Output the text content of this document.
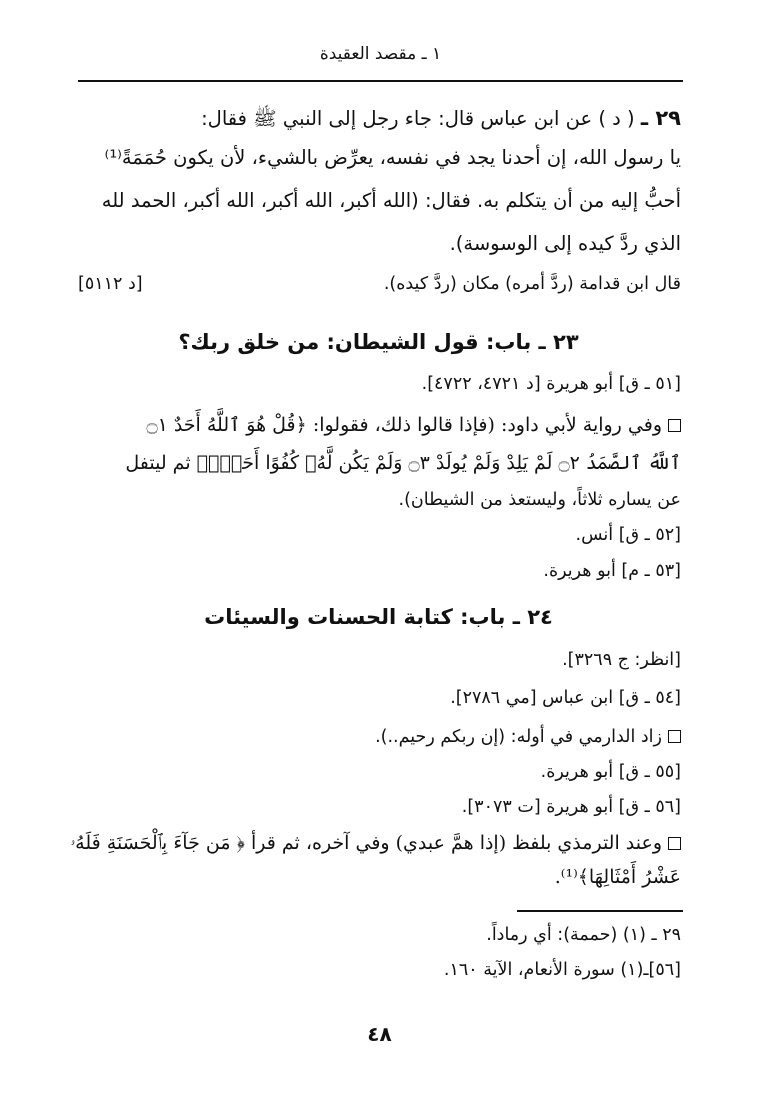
١ ـ مقصد العقيدة
٢٩ ـ ( د ) عن ابن عباس قال: جاء رجل إلى النبي ﷺ فقال:
يا رسول الله، إن أحدنا يجد في نفسه، يعرِّض بالشيء، لأن يكون حُمَمَةً⁽¹⁾
أحبُّ إليه من أن يتكلم به. فقال: (الله أكبر، الله أكبر، الله أكبر، الحمد لله
الذي ردَّ كيده إلى الوسوسة).
قال ابن قدامة (ردَّ أمره) مكان (ردَّ كيده).
[د ٥١١٢]
٢٣ ـ باب: قول الشيطان: من خلق ربك؟
[٥١ ـ ق] أبو هريرة [د ٤٧٢١، ٤٧٢٢].
وفي رواية لأبي داود: (فإذا قالوا ذلك، فقولوا: ﴿قُلْ هُوَ ٱللَّهُ أَحَدٌ ۝١
ٱللَّهُ ٱلصَّمَدُ ۝٢ لَمْ يَلِدْ وَلَمْ يُولَدْ ۝٣ وَلَمْ يَكُن لَّهُۥ كُفُوًا أَحَدٌۢ﴾ ثم ليتفل
عن يساره ثلاثاً، وليستعذ من الشيطان).
[٥٢ ـ ق] أنس.
[٥٣ ـ م] أبو هريرة.
٢٤ ـ باب: كتابة الحسنات والسيئات
[انظر: ج ٣٢٦٩].
[٥٤ ـ ق] ابن عباس [مي ٢٧٨٦].
زاد الدارمي في أوله: (إن ربكم رحيم..).
[٥٥ ـ ق] أبو هريرة.
[٥٦ ـ ق] أبو هريرة [ت ٣٠٧٣].
وعند الترمذي بلفظ (إذا همَّ عبدي) وفي آخره، ثم قرأ ﴿ مَن جَآءَ بِٱلْحَسَنَةِ فَلَهُۥ
عَشْرُ أَمْثَالِهَا﴾⁽¹⁾.
٢٩ ـ (١) (حممة): أي رماداً.
[٥٦]ـ(١) سورة الأنعام، الآية ١٦٠.
٤٨
